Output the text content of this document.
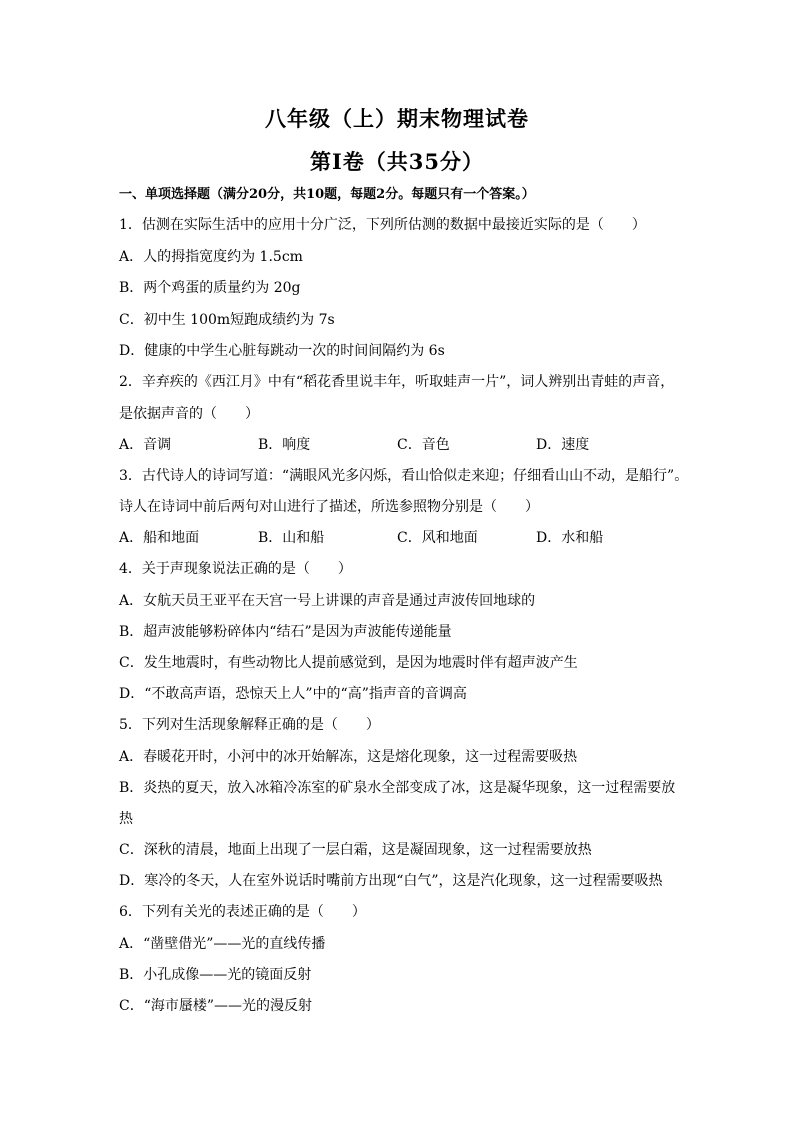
八年级（上）期末物理试卷
第Ⅰ卷（共35分）
一、单项选择题（满分20分，共10题，每题2分。每题只有一个答案。）
1．估测在实际生活中的应用十分广泛，下列所估测的数据中最接近实际的是（　　）
A．人的拇指宽度约为 1.5cm
B．两个鸡蛋的质量约为 20g
C．初中生 100m短跑成绩约为 7s
D．健康的中学生心脏每跳动一次的时间间隔约为 6s
2．辛弃疾的《西江月》中有“稻花香里说丰年，听取蛙声一片”，词人辨别出青蛙的声音，
是依据声音的（　　）
A．音调	B．响度	C．音色	D．速度
3．古代诗人的诗词写道：“满眼风光多闪烁，看山恰似走来迎；仔细看山山不动，是船行”。
诗人在诗词中前后两句对山进行了描述，所选参照物分别是（　　）
A．船和地面	B．山和船	C．风和地面	D．水和船
4．关于声现象说法正确的是（　　）
A．女航天员王亚平在天宫一号上讲课的声音是通过声波传回地球的
B．超声波能够粉碎体内“结石”是因为声波能传递能量
C．发生地震时，有些动物比人提前感觉到，是因为地震时伴有超声波产生
D．“不敢高声语，恐惊天上人”中的“高”指声音的音调高
5．下列对生活现象解释正确的是（　　）
A．春暖花开时，小河中的冰开始解冻，这是熔化现象，这一过程需要吸热
B．炎热的夏天，放入冰箱冷冻室的矿泉水全部变成了冰，这是凝华现象，这一过程需要放
热
C．深秋的清晨，地面上出现了一层白霜，这是凝固现象，这一过程需要放热
D．寒冷的冬天，人在室外说话时嘴前方出现“白气”，这是汽化现象，这一过程需要吸热
6．下列有关光的表述正确的是（　　）
A．“凿壁借光”——光的直线传播
B．小孔成像——光的镜面反射
C．“海市蜃楼”——光的漫反射
